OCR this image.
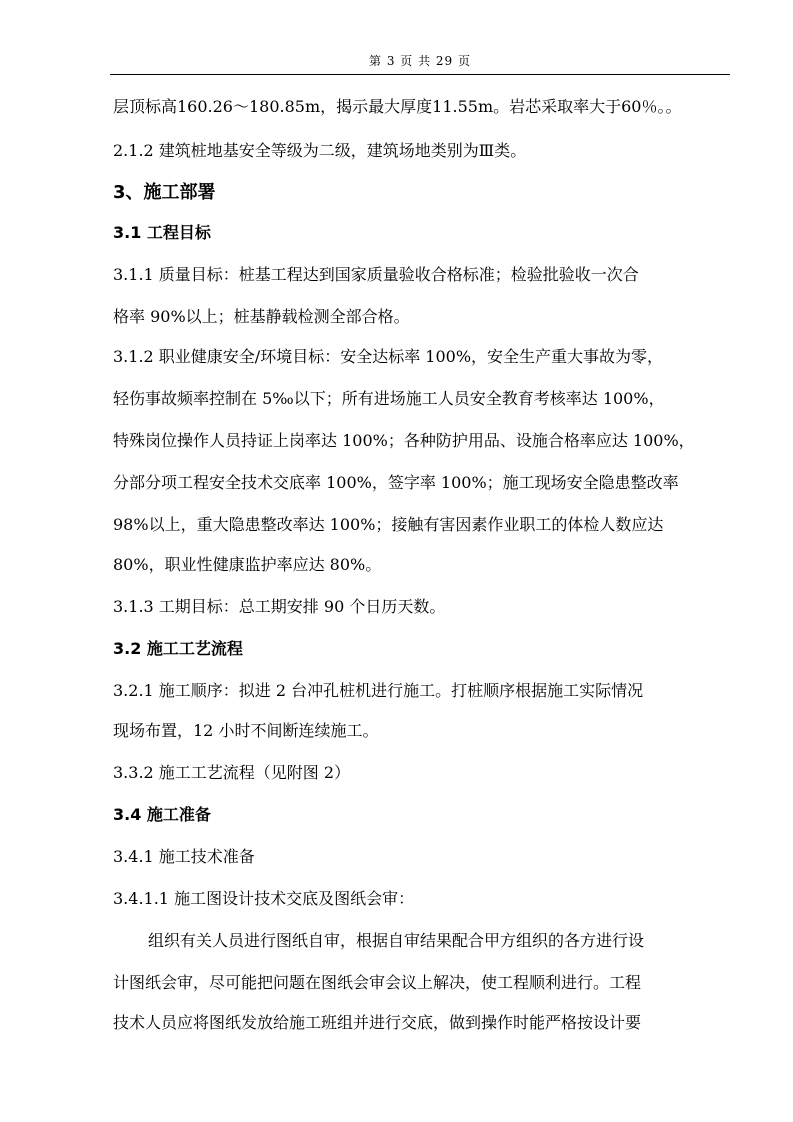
第 3 页 共 29 页
层顶标高160.26～180.85m，揭示最大厚度11.55m。岩芯采取率大于60％。。
2.1.2 建筑桩地基安全等级为二级，建筑场地类别为Ⅲ类。
3、施工部署
3.1 工程目标
3.1.1 质量目标：桩基工程达到国家质量验收合格标准；检验批验收一次合
格率 90%以上；桩基静载检测全部合格。
3.1.2 职业健康安全/环境目标：安全达标率 100%，安全生产重大事故为零，
轻伤事故频率控制在 5‰以下；所有进场施工人员安全教育考核率达 100%，
特殊岗位操作人员持证上岗率达 100%；各种防护用品、设施合格率应达 100%，
分部分项工程安全技术交底率 100%，签字率 100%；施工现场安全隐患整改率
98%以上，重大隐患整改率达 100%；接触有害因素作业职工的体检人数应达
80%，职业性健康监护率应达 80%。
3.1.3 工期目标：总工期安排 90 个日历天数。
3.2 施工工艺流程
3.2.1 施工顺序：拟进 2 台冲孔桩机进行施工。打桩顺序根据施工实际情况
现场布置，12 小时不间断连续施工。
3.3.2 施工工艺流程（见附图 2）
3.4 施工准备
3.4.1 施工技术准备
3.4.1.1 施工图设计技术交底及图纸会审：
组织有关人员进行图纸自审，根据自审结果配合甲方组织的各方进行设
计图纸会审，尽可能把问题在图纸会审会议上解决，使工程顺利进行。工程
技术人员应将图纸发放给施工班组并进行交底，做到操作时能严格按设计要
